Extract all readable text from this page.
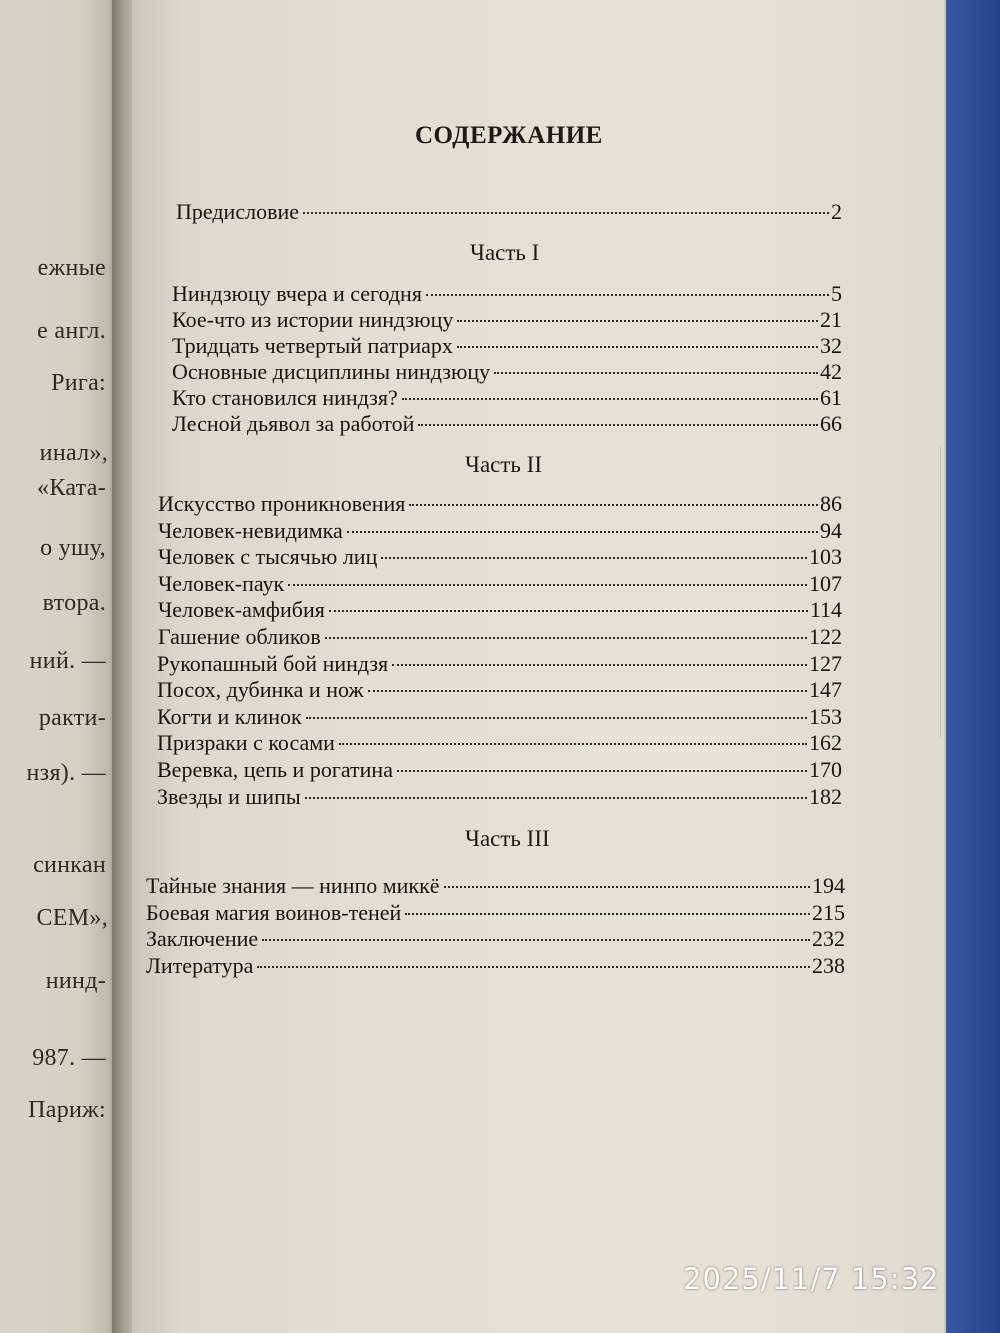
ежные
е англ.
Рига:
инал»,
«Ката-
о ушу,
втора.
ний. —
ракти-
нзя). —
синкан
СЕМ»,
нинд-
987. —
Париж:
СОДЕРЖАНИЕ
Предисловие	2
Часть I
Ниндзюцу вчера и сегодня	5
Кое-что из истории ниндзюцу	21
Тридцать четвертый патриарх	32
Основные дисциплины ниндзюцу	42
Кто становился ниндзя?	61
Лесной дьявол за работой	66
Часть II
Искусство проникновения	86
Человек-невидимка	94
Человек с тысячью лиц	103
Человек-паук	107
Человек-амфибия	114
Гашение обликов	122
Рукопашный бой ниндзя	127
Посох, дубинка и нож	147
Когти и клинок	153
Призраки с косами	162
Веревка, цепь и рогатина	170
Звезды и шипы	182
Часть III
Тайные знания — нинпо миккё	194
Боевая магия воинов-теней	215
Заключение	232
Литература	238
2025/11/7 15:32
